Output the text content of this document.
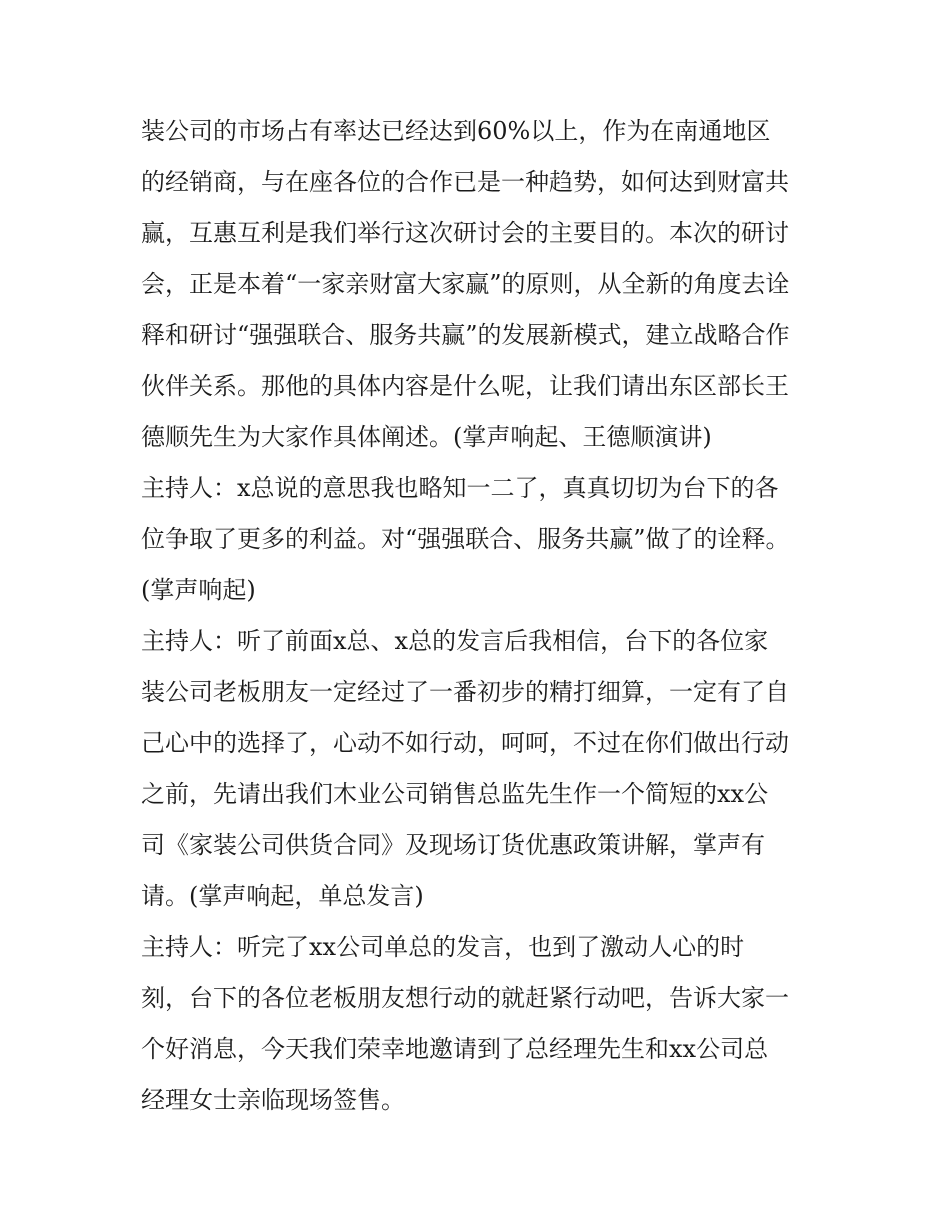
装公司的市场占有率达已经达到60%以上，作为在南通地区
的经销商，与在座各位的合作已是一种趋势，如何达到财富共
赢，互惠互利是我们举行这次研讨会的主要目的。本次的研讨
会，正是本着“一家亲财富大家赢”的原则，从全新的角度去诠
释和研讨“强强联合、服务共赢”的发展新模式，建立战略合作
伙伴关系。那他的具体内容是什么呢，让我们请出东区部长王
德顺先生为大家作具体阐述。(掌声响起、王德顺演讲)
主持人：x总说的意思我也略知一二了，真真切切为台下的各
位争取了更多的利益。对“强强联合、服务共赢”做了的诠释。
(掌声响起)
主持人：听了前面x总、x总的发言后我相信，台下的各位家
装公司老板朋友一定经过了一番初步的精打细算，一定有了自
己心中的选择了，心动不如行动，呵呵，不过在你们做出行动
之前，先请出我们木业公司销售总监先生作一个简短的xx公
司《家装公司供货合同》及现场订货优惠政策讲解，掌声有
请。(掌声响起，单总发言)
主持人：听完了xx公司单总的发言，也到了激动人心的时
刻，台下的各位老板朋友想行动的就赶紧行动吧，告诉大家一
个好消息，今天我们荣幸地邀请到了总经理先生和xx公司总
经理女士亲临现场签售。
